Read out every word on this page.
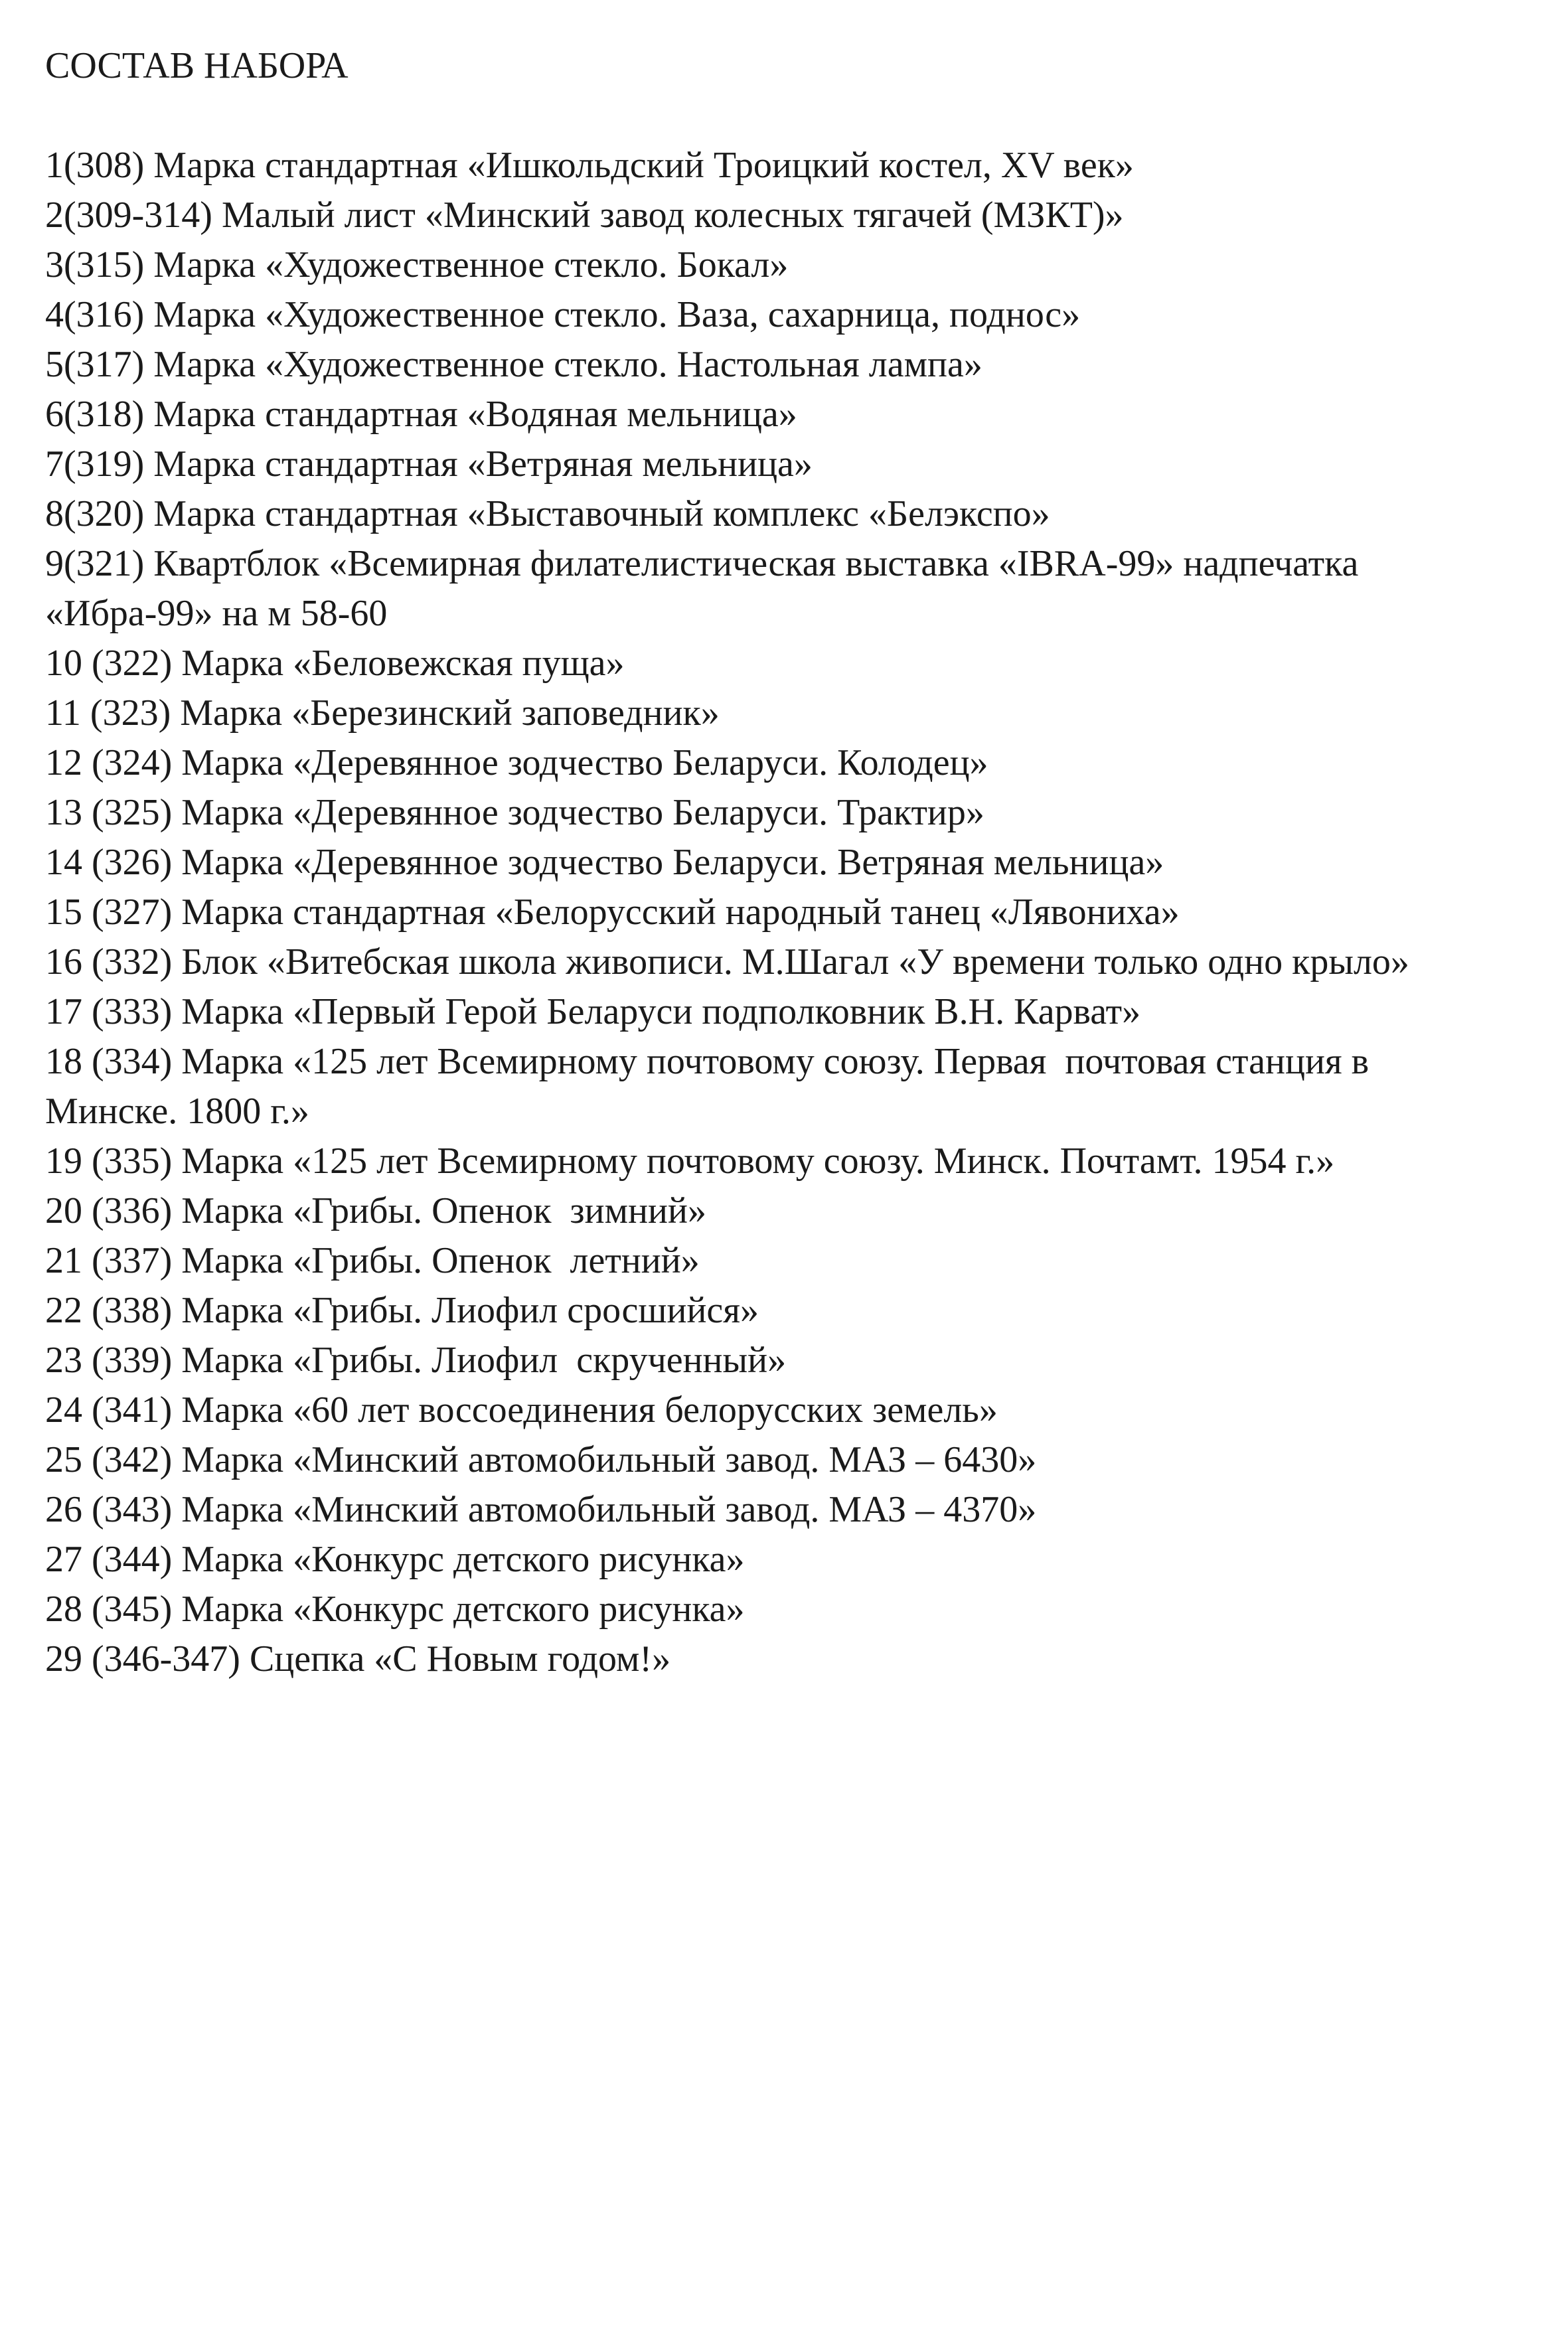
СОСТАВ НАБОРА
1(308) Марка стандартная «Ишкольдский Троицкий костел, XV век»
2(309-314) Малый лист «Минский завод колесных тягачей (МЗКТ)»
3(315) Марка «Художественное стекло. Бокал»
4(316) Марка «Художественное стекло. Ваза, сахарница, поднос»
5(317) Марка «Художественное стекло. Настольная лампа»
6(318) Марка стандартная «Водяная мельница»
7(319) Марка стандартная «Ветряная мельница»
8(320) Марка стандартная «Выставочный комплекс «Белэкспо»
9(321) Квартблок «Всемирная филателистическая выставка «IBRA-99» надпечатка «Ибра-99» на м 58-60
10 (322) Марка «Беловежская пуща»
11 (323) Марка «Березинский заповедник»
12 (324) Марка «Деревянное зодчество Беларуси. Колодец»
13 (325) Марка «Деревянное зодчество Беларуси. Трактир»
14 (326) Марка «Деревянное зодчество Беларуси. Ветряная мельница»
15 (327) Марка стандартная «Белорусский народный танец «Лявониха»
16 (332) Блок «Витебская школа живописи. М.Шагал «У времени только одно крыло»
17 (333) Марка «Первый Герой Беларуси подполковник В.Н. Карват»
18 (334) Марка «125 лет Всемирному почтовому союзу. Первая  почтовая станция в Минске. 1800 г.»
19 (335) Марка «125 лет Всемирному почтовому союзу. Минск. Почтамт. 1954 г.»
20 (336) Марка «Грибы. Опенок  зимний»
21 (337) Марка «Грибы. Опенок  летний»
22 (338) Марка «Грибы. Лиофил сросшийся»
23 (339) Марка «Грибы. Лиофил  скрученный»
24 (341) Марка «60 лет воссоединения белорусских земель»
25 (342) Марка «Минский автомобильный завод. МАЗ – 6430»
26 (343) Марка «Минский автомобильный завод. МАЗ – 4370»
27 (344) Марка «Конкурс детского рисунка»
28 (345) Марка «Конкурс детского рисунка»
29 (346-347) Сцепка «С Новым годом!»
